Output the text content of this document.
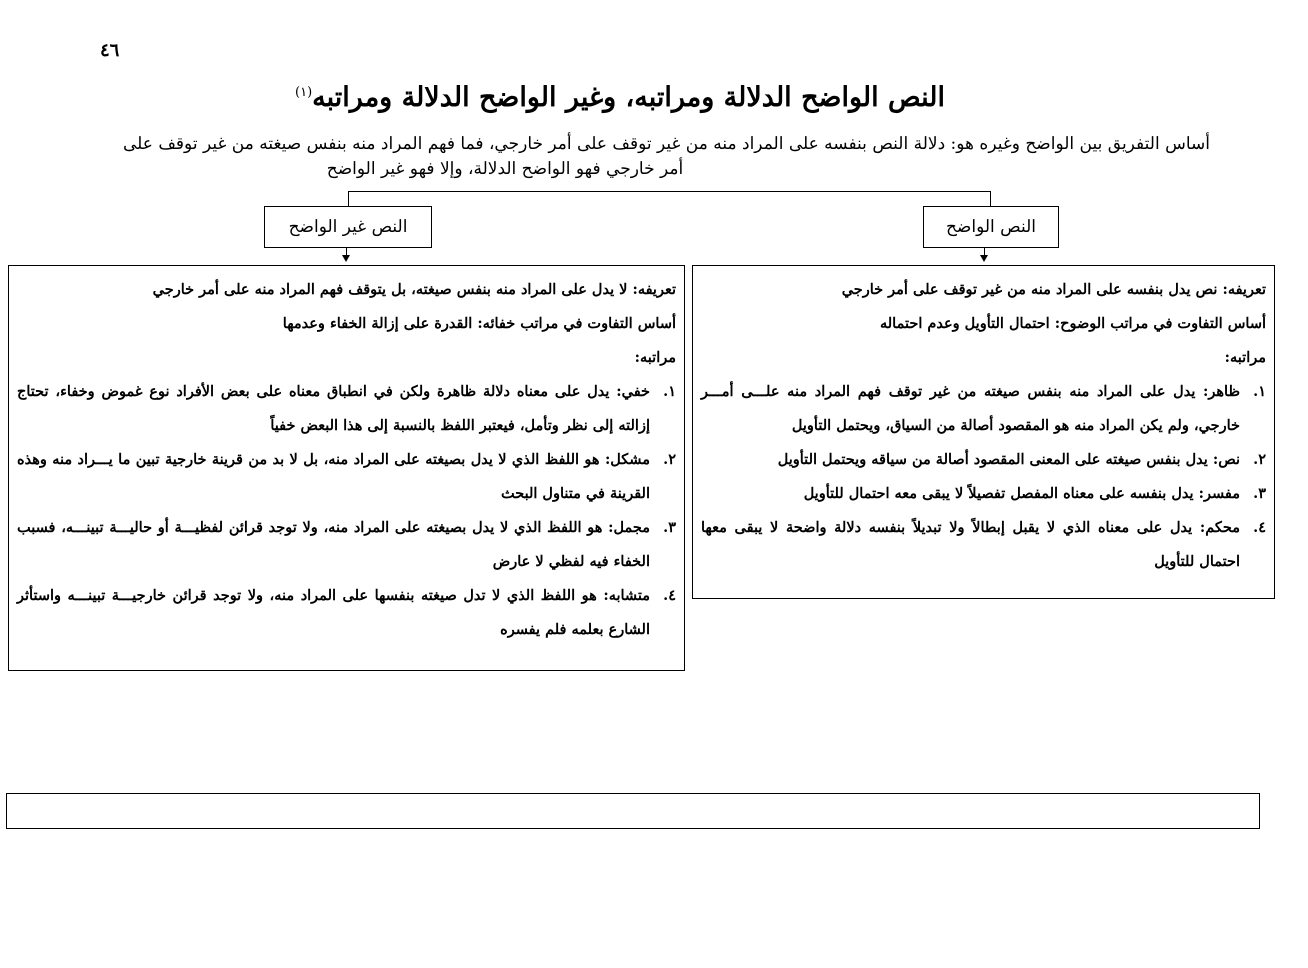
٤٦
النص الواضح الدلالة ومراتبه، وغير الواضح الدلالة ومراتبه$^{(١)}$
أساس التفريق بين الواضح وغيره هو: دلالة النص بنفسه على المراد منه من غير توقف على أمر خارجي، فما فهم المراد منه بنفس صيغته من غير توقف على
أمر خارجي فهو الواضح الدلالة، وإلا فهو غير الواضح
النص غير الواضح	النص الواضح
تعريفه: لا يدل على المراد منه بنفس صيغته، بل يتوقف فهم المراد منه على أمر خارجي
أساس التفاوت في مراتب خفائه: القدرة على إزالة الخفاء وعدمها
مراتبه:
١.
خفي: يدل على معناه دلالة ظاهرة ولكن في انطباق معناه على بعض الأفراد نوع غموض وخفاء، تحتاج إزالته إلى نظر وتأمل، فيعتبر اللفظ بالنسبة إلى هذا البعض خفياً
٢.
مشكل: هو اللفظ الذي لا يدل بصيغته على المراد منه، بل لا بد من قرينة خارجية تبين ما يـــراد منه وهذه القرينة في متناول البحث
٣.
مجمل: هو اللفظ الذي لا يدل بصيغته على المراد منه، ولا توجد قرائن لفظيـــة أو حاليـــة تبينـــه، فسبب الخفاء فيه لفظي لا عارض
٤.
متشابه: هو اللفظ الذي لا تدل صيغته بنفسها على المراد منه، ولا توجد قرائن خارجيـــة تبينـــه واستأثر الشارع بعلمه فلم يفسره
تعريفه: نص يدل بنفسه على المراد منه من غير توقف على أمر خارجي
أساس التفاوت في مراتب الوضوح: احتمال التأويل وعدم احتماله
مراتبه:
١.
ظاهر: يدل على المراد منه بنفس صيغته من غير توقف فهم المراد منه علـــى أمـــر خارجي، ولم يكن المراد منه هو المقصود أصالة من السياق، ويحتمل التأويل
٢.
نص: يدل بنفس صيغته على المعنى المقصود أصالة من سياقه ويحتمل التأويل
٣.
مفسر: يدل بنفسه على معناه المفصل تفصيلاً لا يبقى معه احتمال للتأويل
٤.
محكم: يدل على معناه الذي لا يقبل إبطالاً ولا تبديلاً بنفسه دلالة واضحة لا يبقى معها احتمال للتأويل
